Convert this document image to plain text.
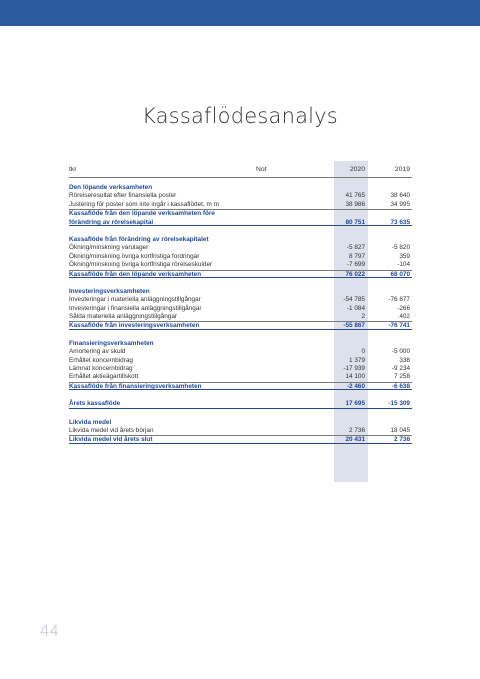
Kassaflödesanalys
tkr	Not	2020	2019
Den löpande verksamheten
Rörelseresultat efter finansiella poster	41 765	38 640
Justering för poster som inte ingår i kassaflödet, m m	38 986	34 995
Kassaflöde från den löpande verksamheten före
förändring av rörelsekapital	80 751	73 635
Kassaflöde från förändring av rörelsekapitalet
Ökning/minskning varulager	-5 827	-5 820
Ökning/minskning övriga kortfristiga fordringar	8 797	359
Ökning/minskning övriga kortfristiga rörelseskulder	-7 699	-104
Kassaflöde från den löpande verksamheten	76 022	68 070
Investeringsverksamheten
Investeringar i materiella anläggningstillgångar	-54 785	-76 877
Investeringar i finansiella anläggningstillgångar	-1 084	-266
Sålda materiella anläggningstillgångar	2	402
Kassaflöde från investeringsverksamheten	-55 867	-76 741
Finansieringsverksamheten
Amortering av skuld	0	-5 000
Erhållet koncernbidrag	1 379	338
Lämnat koncernbidrag	-17 939	-9 234
Erhållet aktieägartillskott	14 100	7 258
Kassaflöde från finansieringsverksamheten	-2 460	-6 638
Årets kassaflöde	17 695	-15 309
Likvida medel
Likvida medel vid årets början	2 736	18 045
Likvida medel vid årets slut	20 431	2 736
44
